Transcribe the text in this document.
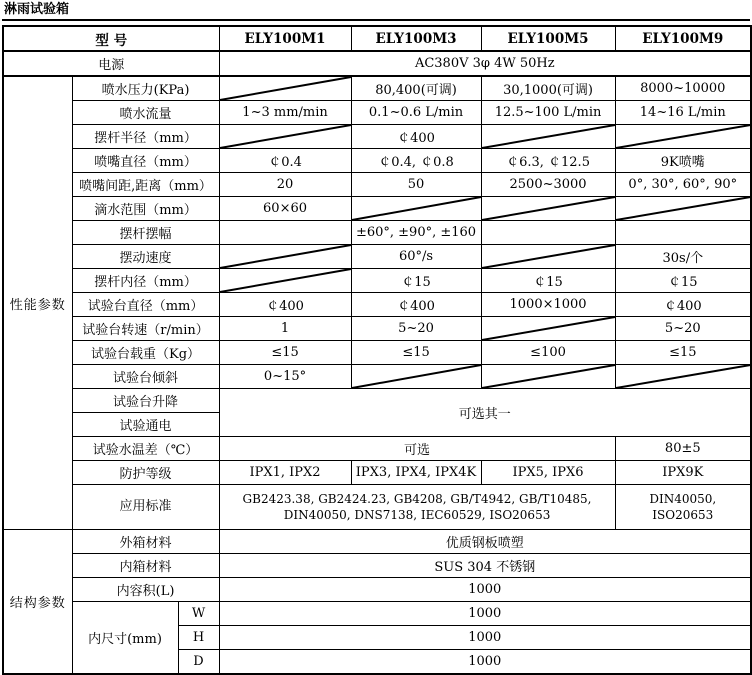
淋雨试验箱
型 号			ELY100M1	ELY100M3	ELY100M5	ELY100M9
电源			AC380V 3φ 4W 50Hz			
性能参数	喷水压力(KPa)			80,400(可调)	30,1000(可调)	8000~10000
	喷水流量		1~3 mm/min	0.1~0.6 L/min	12.5~100 L/min	14~16 L/min
	摆杆半径（mm）			￠400	

	喷嘴直径（mm）		￠0.4	￠0.4, ￠0.8	￠6.3, ￠12.5	9K喷嘴
	喷嘴间距,距离（mm）		20	50	2500~3000	0°, 30°, 60°, 90°
	滴水范围（mm）		60×60	

	摆杆摆幅			±60°, ±90°, ±160		
	摆动速度			60°/s		30s/个
	摆杆内径（mm）			￠15	￠15	￠15
	试验台直径（mm）		￠400	￠400	1000×1000	￠400
	试验台转速（r/min）		1	5~20		5~20
	试验台载重（Kg）		≤15	≤15	≤100	≤15
	试验台倾斜		0~15°	

	试验台升降		可选其一			
	试验通电					
	试验水温差（℃）		可选			80±5
	防护等级		IPX1, IPX2	IPX3, IPX4, IPX4K	IPX5, IPX6	IPX9K
	应用标准		GB2423.38, GB2424.23, GB4208, GB/T4942, GB/T10485,
DIN40050, DNS7138, IEC60529, ISO20653			DIN40050, ISO20653
结构参数	外箱材料		优质钢板喷塑			
	内箱材料		SUS 304 不锈钢			
	内容积(L)		1000			
	内尺寸(mm)	W	1000			
		H	1000			
		D	1000			
